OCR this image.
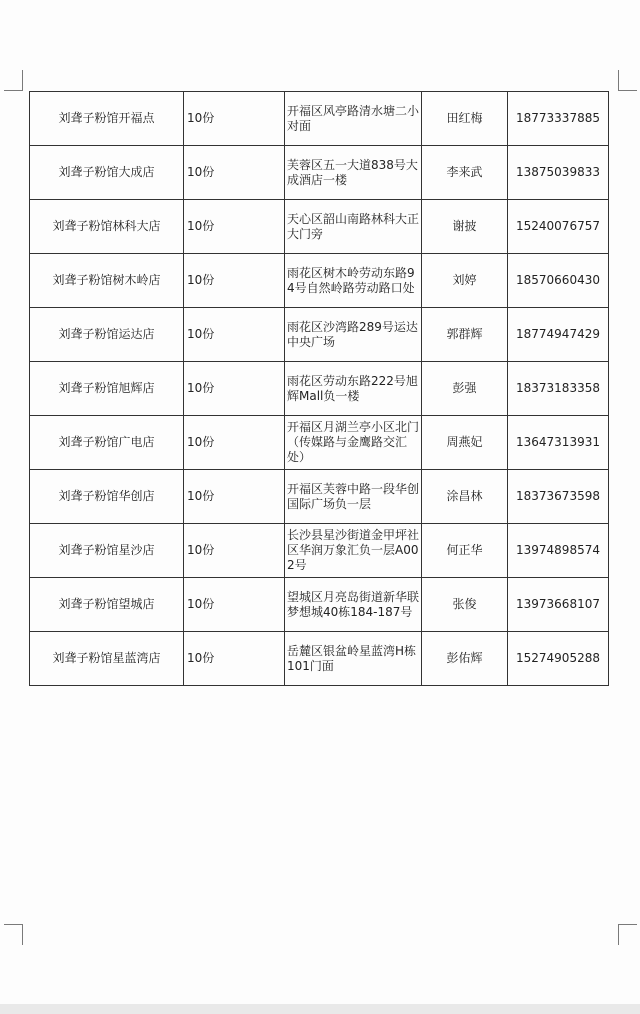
刘聋子粉馆开福点	10份	开福区风亭路清水塘二小对面	田红梅	18773337885
刘聋子粉馆大成店	10份	芙蓉区五一大道838号大成酒店一楼	李来武	13875039833
刘聋子粉馆林科大店	10份	天心区韶山南路林科大正大门旁	谢披	15240076757
刘聋子粉馆树木岭店	10份	雨花区树木岭劳动东路94号自然岭路劳动路口处	刘婷	18570660430
刘聋子粉馆运达店	10份	雨花区沙湾路289号运达中央广场	郭群辉	18774947429
刘聋子粉馆旭辉店	10份	雨花区劳动东路222号旭辉Mall负一楼	彭强	18373183358
刘聋子粉馆广电店	10份	开福区月湖兰亭小区北门（传媒路与金鹰路交汇处）	周燕妃	13647313931
刘聋子粉馆华创店	10份	开福区芙蓉中路一段华创国际广场负一层	涂昌林	18373673598
刘聋子粉馆星沙店	10份	长沙县星沙街道金甲坪社区华润万象汇负一层A002号	何正华	13974898574
刘聋子粉馆望城店	10份	望城区月亮岛街道新华联梦想城40栋184-187号	张俊	13973668107
刘聋子粉馆星蓝湾店	10份	岳麓区银盆岭星蓝湾H栋101门面	彭佑辉	15274905288
